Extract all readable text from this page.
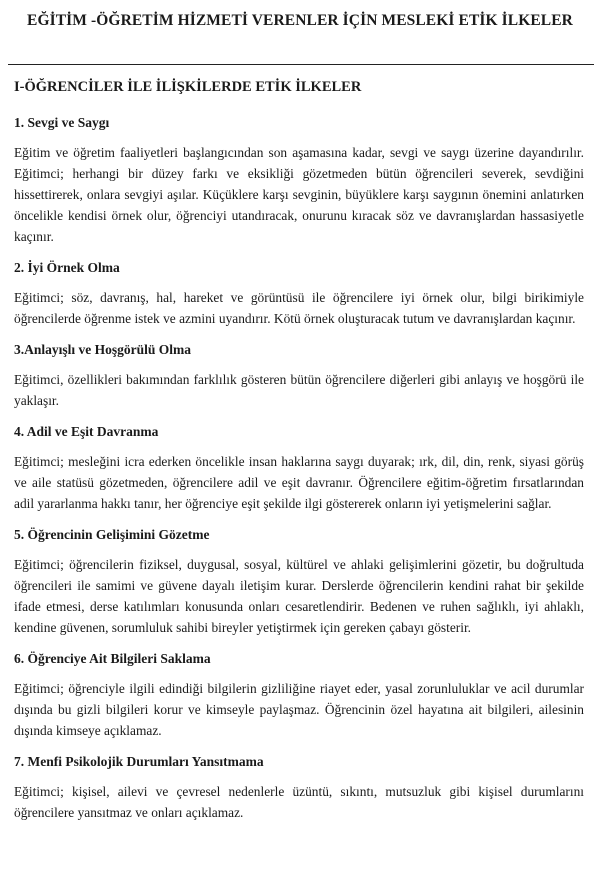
EĞİTİM -ÖĞRETİM HİZMETİ VERENLER İÇİN MESLEKİ ETİK İLKELER
I-ÖĞRENCİLER İLE İLİŞKİLERDE ETİK İLKELER
1. Sevgi ve Saygı

Eğitim ve öğretim faaliyetleri başlangıcından son aşamasına kadar, sevgi ve saygı üzerine dayandırılır. Eğitimci; herhangi bir düzey farkı ve eksikliği gözetmeden bütün öğrencileri severek, sevdiğini hissettirerek, onlara sevgiyi aşılar. Küçüklere karşı sevginin, büyüklere karşı saygının önemini anlatırken öncelikle kendisi örnek olur, öğrenciyi utandıracak, onurunu kıracak söz ve davranışlardan hassasiyetle kaçınır.

2. İyi Örnek Olma

Eğitimci; söz, davranış, hal, hareket ve görüntüsü ile öğrencilere iyi örnek olur, bilgi birikimiyle öğrencilerde öğrenme istek ve azmini uyandırır. Kötü örnek oluşturacak tutum ve davranışlardan kaçınır.

3.Anlayışlı ve Hoşgörülü Olma

Eğitimci, özellikleri bakımından farklılık gösteren bütün öğrencilere diğerleri gibi anlayış ve hoşgörü ile yaklaşır.

4. Adil ve Eşit Davranma

Eğitimci; mesleğini icra ederken öncelikle insan haklarına saygı duyarak; ırk, dil, din, renk, siyasi görüş ve aile statüsü gözetmeden, öğrencilere adil ve eşit davranır. Öğrencilere eğitim-öğretim fırsatlarından adil yararlanma hakkı tanır, her öğrenciye eşit şekilde ilgi göstererek onların iyi yetişmelerini sağlar.

5. Öğrencinin Gelişimini Gözetme

Eğitimci; öğrencilerin fiziksel, duygusal, sosyal, kültürel ve ahlaki gelişimlerini gözetir, bu doğrultuda öğrencileri ile samimi ve güvene dayalı iletişim kurar. Derslerde öğrencilerin kendini rahat bir şekilde ifade etmesi, derse katılımları konusunda onları cesaretlendirir. Bedenen ve ruhen sağlıklı, iyi ahlaklı, kendine güvenen, sorumluluk sahibi bireyler yetiştirmek için gereken çabayı gösterir.

6. Öğrenciye Ait Bilgileri Saklama

Eğitimci; öğrenciyle ilgili edindiği bilgilerin gizliliğine riayet eder, yasal zorunluluklar ve acil durumlar dışında bu gizli bilgileri korur ve kimseyle paylaşmaz. Öğrencinin özel hayatına ait bilgileri, ailesinin dışında kimseye açıklamaz.

7. Menfi Psikolojik Durumları Yansıtmama

Eğitimci; kişisel, ailevi ve çevresel nedenlerle üzüntü, sıkıntı, mutsuzluk gibi kişisel durumlarını öğrencilere yansıtmaz ve onları açıklamaz.
